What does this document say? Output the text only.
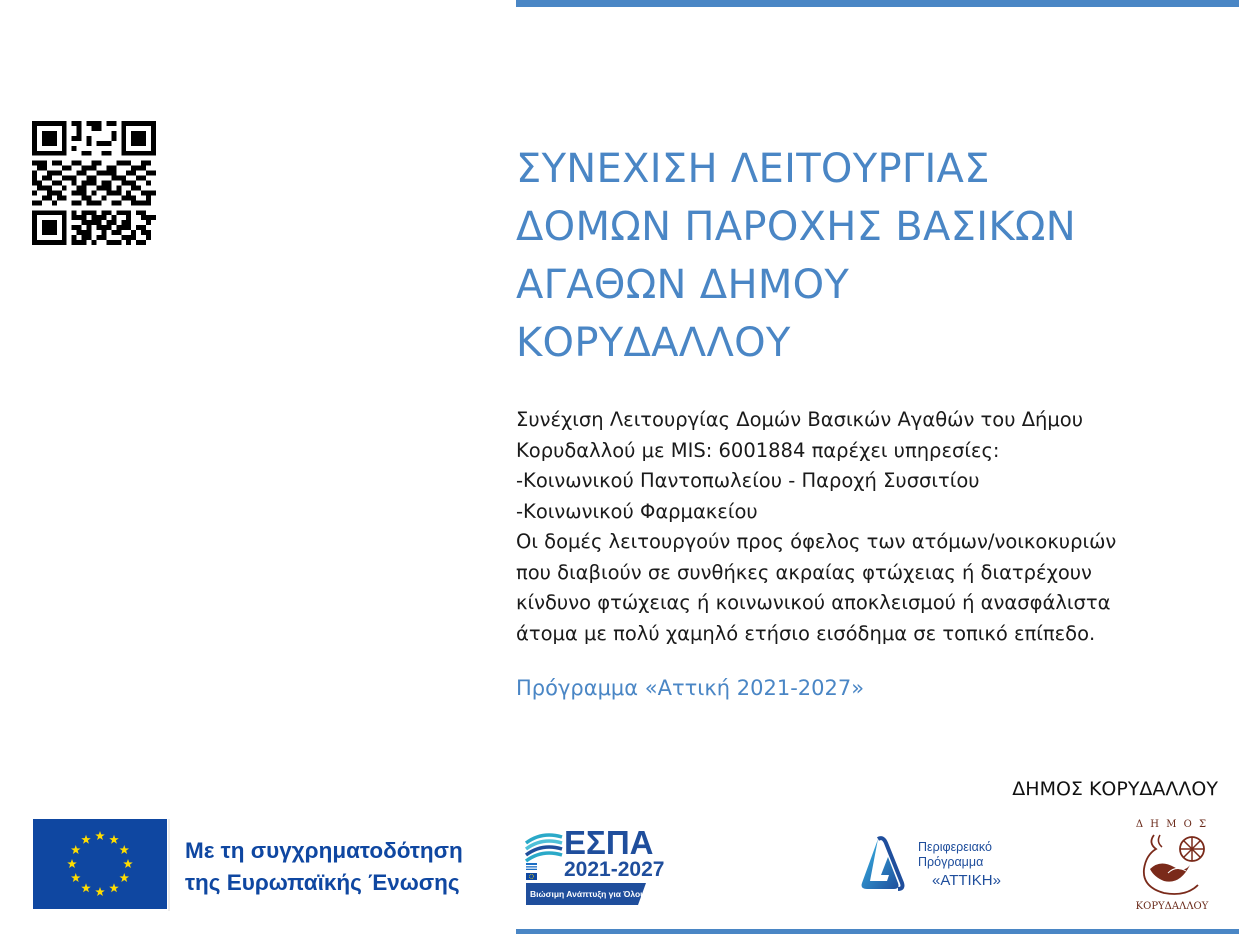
ΣΥΝΕΧΙΣΗ ΛΕΙΤΟΥΡΓΙΑΣ
ΔΟΜΩΝ ΠΑΡΟΧΗΣ ΒΑΣΙΚΩΝ
ΑΓΑΘΩΝ ΔΗΜΟΥ
ΚΟΡΥΔΑΛΛΟΥ
Συνέχιση Λειτουργίας Δομών Βασικών Αγαθών του Δήμου
Κορυδαλλού με MIS: 6001884 παρέχει υπηρεσίες:
-Κοινωνικού Παντοπωλείου - Παροχή Συσσιτίου
-Κοινωνικού Φαρμακείου
Οι δομές λειτουργούν προς όφελος των ατόμων/νοικοκυριών
που διαβιούν σε συνθήκες ακραίας φτώχειας ή διατρέχουν
κίνδυνο φτώχειας ή κοινωνικού αποκλεισμού ή ανασφάλιστα
άτομα με πολύ χαμηλό ετήσιο εισόδημα σε τοπικό επίπεδο.
Πρόγραμμα «Αττική 2021-2027»
ΔΗΜΟΣ ΚΟΡΥΔΑΛΛΟΥ
Με τη συγχρηματοδότηση
της Ευρωπαϊκής Ένωσης
ΕΣΠΑ
2021-2027
Βιώσιμη Ανάπτυξη για Όλους
Περιφερειακό
Πρόγραμμα
«ΑΤΤΙΚΗ»
Δ Η Μ Ο Σ
ΚΟΡΥΔΑΛΛΟΥ
